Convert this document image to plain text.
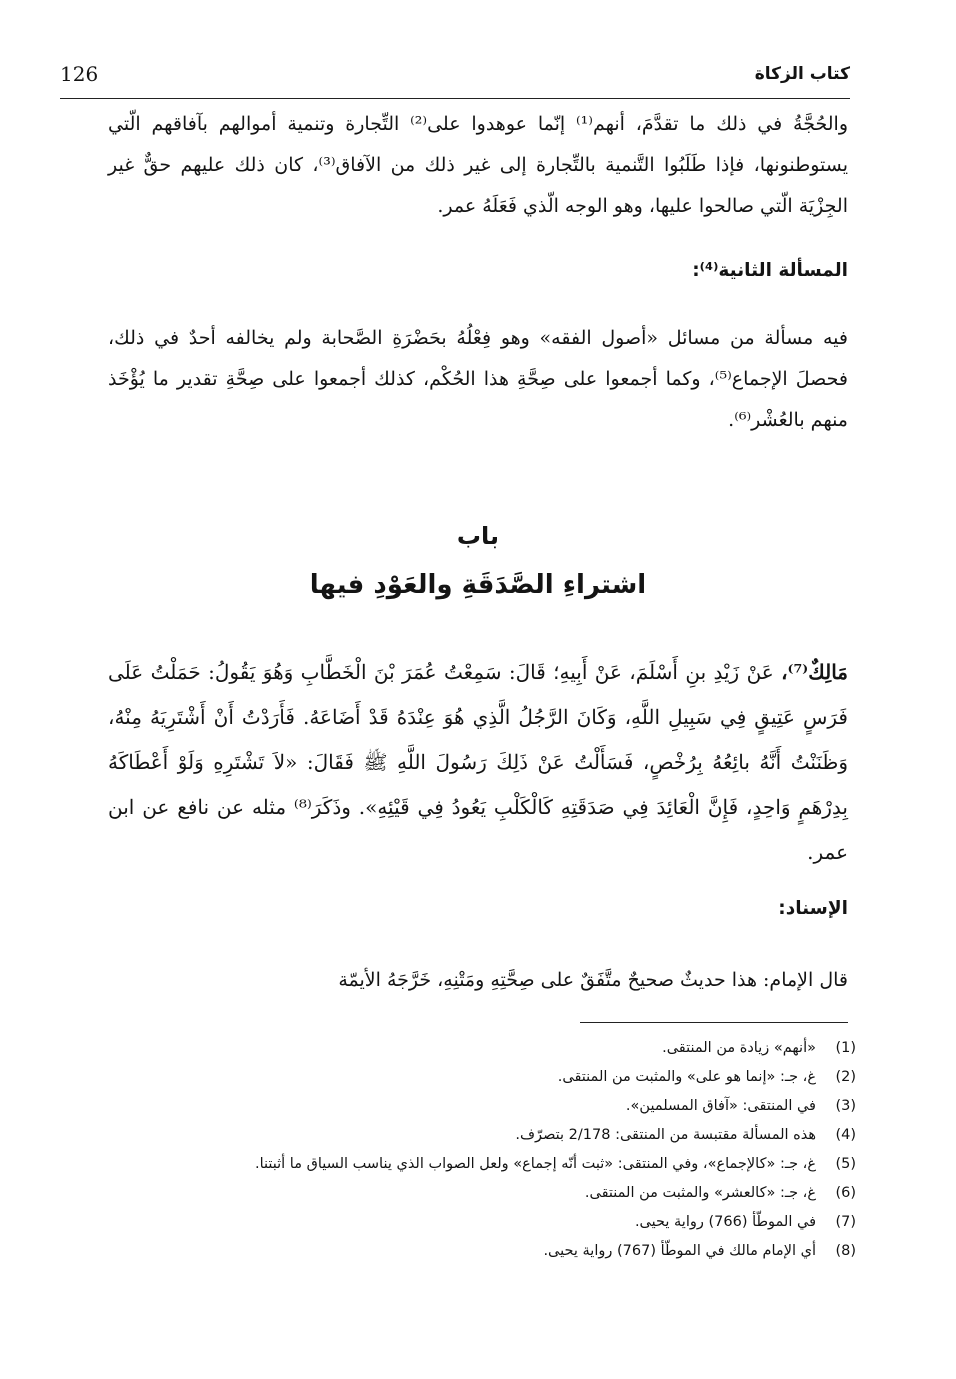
126	كتاب الزكاة

والحُجَّةُ في ذلك ما تقدَّمَ، أنهم⁽¹⁾ إنّما عوهدوا على⁽²⁾ التِّجارة وتنمية أموالهم بآفاقهم الّتي يستوطنونها، فإذا طَلَبُوا التَّنمية بالتِّجارة إلى غير ذلك من الآفاق⁽³⁾، كان ذلك عليهم حقٌّ غير الجِزْيَة الّتي صالحوا عليها، وهو الوجه الّذي فَعَلَهُ عمر.

المسألة الثانية⁽⁴⁾:

فيه مسألة من مسائل «أصول الفقه» وهو فِعْلُهُ بحَضْرَةِ الصَّحابة ولم يخالفه أحدٌ في ذلك، فحصلَ الإجماع⁽⁵⁾، وكما أجمعوا على صِحَّةِ هذا الحُكْم، كذلك أجمعوا على صِحَّةِ تقدير ما يُؤْخَذ منهم بالعُشْر⁽⁶⁾.

باب
اشتراءِ الصَّدَقَةِ والعَوْدِ فيها

مَالِكٌ⁽⁷⁾، عَنْ زَيْدِ بنِ أَسْلَمَ، عَنْ أَبِيهِ؛ قَالَ: سَمِعْتُ عُمَرَ بْنَ الْخَطَّابِ وَهُوَ يَقُولُ: حَمَلْتُ عَلَى فَرَسٍ عَتِيقٍ فِي سَبِيلِ اللَّهِ، وَكَانَ الرَّجُلُ الَّذِي هُوَ عِنْدَهُ قَدْ أَضَاعَهُ. فَأَرَدْتُ أَنْ أَشْتَرِيَهُ مِنْهُ، وَظَنَنْتُ أَنَّهُ بائِعُهُ بِرُخْصٍ، فَسَأَلْتُ عَنْ ذَلِكَ رَسُولَ اللَّهِ ﷺ فَقَالَ: «لاَ تَشْتَرِهِ وَلَوْ أَعْطَاكَهُ بِدِرْهَمٍ وَاحِدٍ، فَإِنَّ الْعَائِدَ فِي صَدَقَتِهِ كَالْكَلْبِ يَعُودُ فِي قَيْئِهِ». وذَكَرَ⁽⁸⁾ مثله عن نافع عن ابن عمر.

الإسناد:

قال الإمام: هذا حديثٌ صحيحٌ متَّفَقٌ على صِحَّتِهِ ومَتْنِهِ، خَرَّجَهُ الأيمّة

(1)«أنهم» زيادة من المنتقى.
(2)غ، جـ: «إنما هو على» والمثبت من المنتقى.
(3)في المنتقى: «آفاق المسلمين».
(4)هذه المسألة مقتبسة من المنتقى: 2/178 بتصرّف.
(5)غ، جـ: «كالإجماع»، وفي المنتقى: «ثبت أنّه إجماع» ولعل الصواب الذي يناسب السياق ما أثبتنا.
(6)غ، جـ: «كالعشر» والمثبت من المنتقى.
(7)في الموطّأ (766) رواية يحيى.
(8)أي الإمام مالك في الموطّأ (767) رواية يحيى.
